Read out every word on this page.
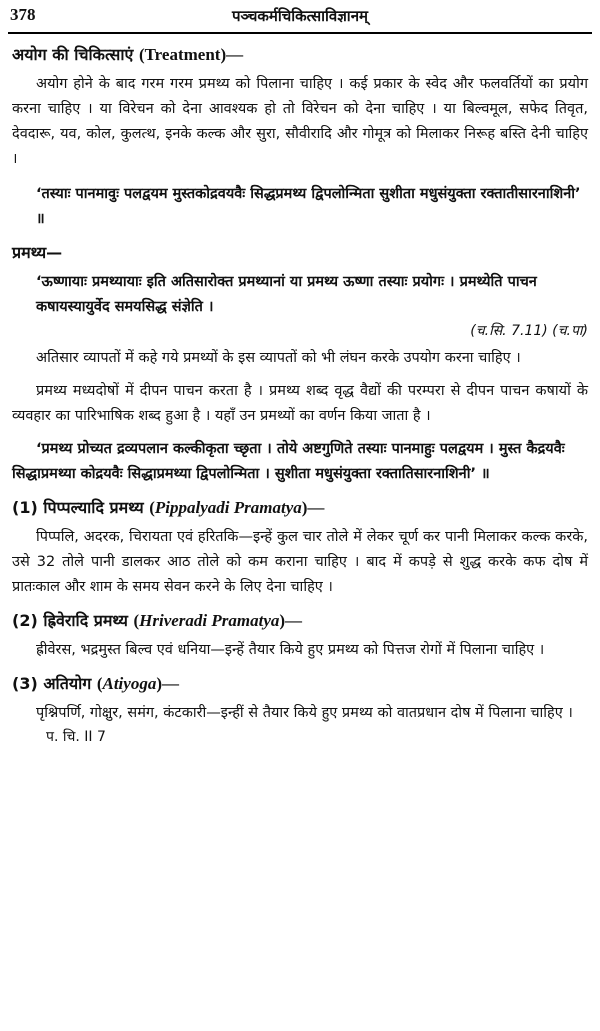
378	पञ्चकर्मचिकित्साविज्ञानम्
अयोग की चिकित्साएं (Treatment)—

अयोग होने के बाद गरम गरम प्रमथ्य को पिलाना चाहिए । कई प्रकार के स्वेद और फलवर्तियों का प्रयोग करना चाहिए । या विरेचन को देना आवश्यक हो तो विरेचन को देना चाहिए । या बिल्वमूल, सफेद तिवृत, देवदारू, यव, कोल, कुलत्थ, इनके कल्क और सुरा, सौवीरादि और गोमूत्र को मिलाकर निरूह बस्ति देनी चाहिए ।

‘तस्याः पानमावुः पलद्वयम मुस्तकोद्रवयवैः सिद्धप्रमथ्य द्विपलोन्मिता सुशीता मधुसंयुक्ता रक्तातीसारनाशिनी’ ॥

प्रमथ्य—

‘ऊष्णायाः प्रमथ्यायाः इति अतिसारोक्त प्रमथ्यानां या प्रमथ्य ऊष्णा तस्याः प्रयोगः । प्रमथ्येति पाचन कषायस्यायुर्वेद समयसिद्ध संज्ञेति ।

(च.सि. 7.11) (च.पा)

अतिसार व्यापतों में कहे गये प्रमथ्यों के इस व्यापतों को भी लंघन करके उपयोग करना चाहिए ।

प्रमथ्य मध्यदोषों में दीपन पाचन करता है । प्रमथ्य शब्द वृद्ध वैद्यों की परम्परा से दीपन पाचन कषायों के व्यवहार का पारिभाषिक शब्द हुआ है । यहाँ उन प्रमथ्यों का वर्णन किया जाता है ।

‘प्रमथ्य प्रोच्यत द्रव्यपलान कल्कीकृता च्छृता । तोये अष्टगुणिते तस्याः पानमाहुः पलद्वयम । मुस्त कैद्रयवैः सिद्धाप्रमथ्या कोद्रयवैः सिद्धाप्रमथ्या द्विपलोन्मिता । सुशीता मधुसंयुक्ता रक्तातिसारनाशिनी’ ॥

(1) पिप्पल्यादि प्रमथ्य (Pippalyadi Pramatya)—

पिप्पलि, अदरक, चिरायता एवं हरितकि—इन्हें कुल चार तोले में लेकर चूर्ण कर पानी मिलाकर कल्क करके, उसे 32 तोले पानी डालकर आठ तोले को कम कराना चाहिए । बाद में कपड़े से शुद्ध करके कफ दोष में प्रातःकाल और शाम के समय सेवन करने के लिए देना चाहिए ।

(2) ह्रिवेरादि प्रमथ्य (Hriveradi Pramatya)—

ह्रीवेरस, भद्रमुस्त बिल्व एवं धनिया—इन्हें तैयार किये हुए प्रमथ्य को पित्तज रोगों में पिलाना चाहिए ।

(3) अतियोग (Atiyoga)—

पृश्निपर्णि, गोक्षुर, समंग, कंटकारी—इन्हीं से तैयार किये हुए प्रमथ्य को वातप्रधान दोष में पिलाना चाहिए ।

प. चि. II 7
